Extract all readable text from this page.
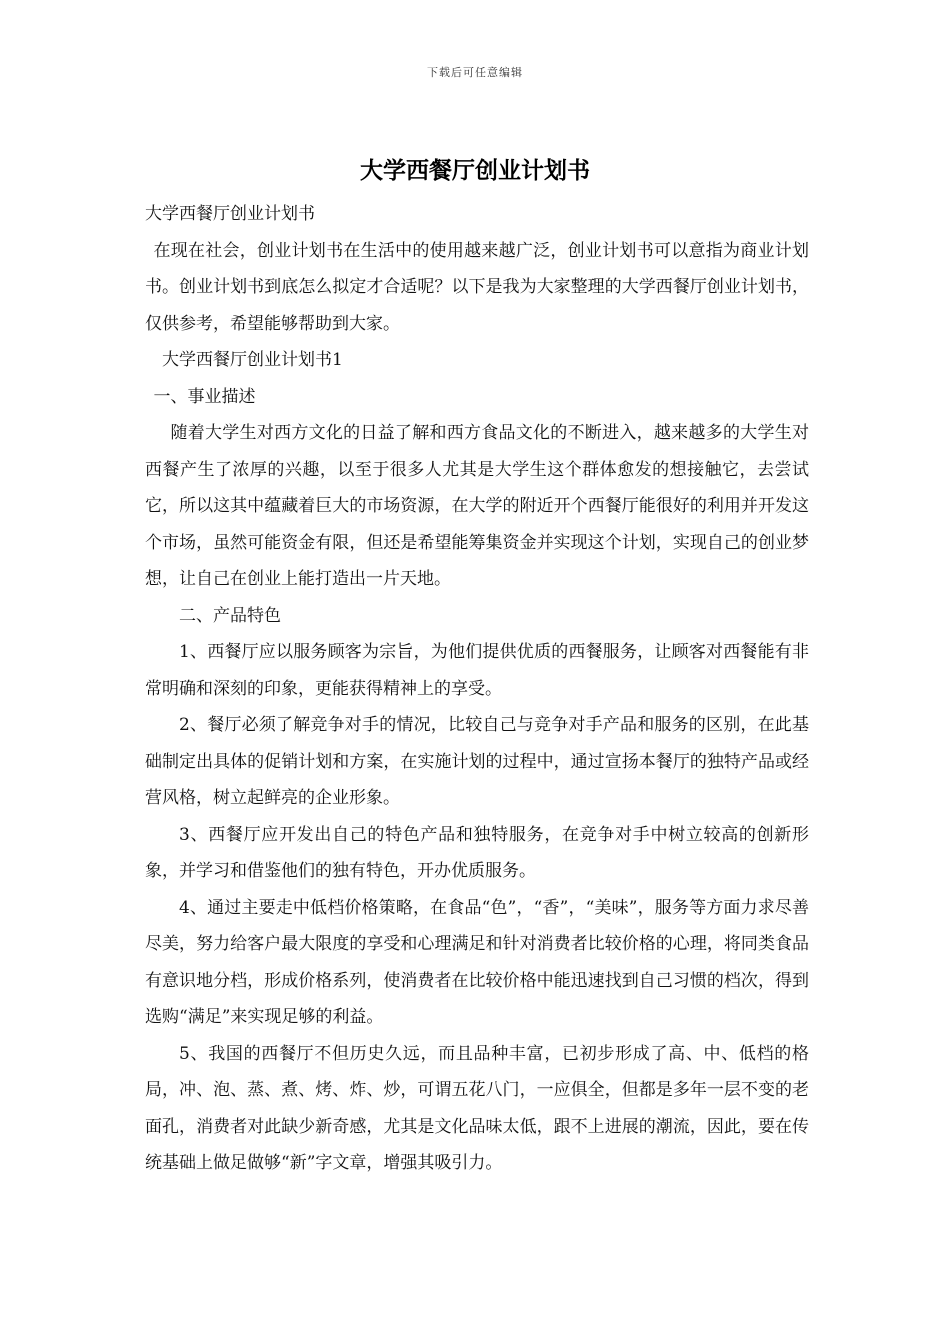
下载后可任意编辑
大学西餐厅创业计划书

大学西餐厅创业计划书

在现在社会，创业计划书在生活中的使用越来越广泛，创业计划书可以意指为商业计划书。创业计划书到底怎么拟定才合适呢？以下是我为大家整理的大学西餐厅创业计划书，仅供参考，希望能够帮助到大家。

大学西餐厅创业计划书1

一、事业描述

随着大学生对西方文化的日益了解和西方食品文化的不断进入，越来越多的大学生对西餐产生了浓厚的兴趣，以至于很多人尤其是大学生这个群体愈发的想接触它，去尝试它，所以这其中蕴藏着巨大的市场资源，在大学的附近开个西餐厅能很好的利用并开发这个市场，虽然可能资金有限，但还是希望能筹集资金并实现这个计划，实现自己的创业梦想，让自己在创业上能打造出一片天地。

二、产品特色

1、西餐厅应以服务顾客为宗旨，为他们提供优质的西餐服务，让顾客对西餐能有非常明确和深刻的印象，更能获得精神上的享受。

2、餐厅必须了解竞争对手的情况，比较自己与竞争对手产品和服务的区别，在此基础制定出具体的促销计划和方案，在实施计划的过程中，通过宣扬本餐厅的独特产品或经营风格，树立起鲜亮的企业形象。

3、西餐厅应开发出自己的特色产品和独特服务，在竞争对手中树立较高的创新形象，并学习和借鉴他们的独有特色，开办优质服务。

4、通过主要走中低档价格策略，在食品“色”，“香”，“美味”，服务等方面力求尽善尽美，努力给客户最大限度的享受和心理满足和针对消费者比较价格的心理，将同类食品有意识地分档，形成价格系列，使消费者在比较价格中能迅速找到自己习惯的档次，得到选购“满足”来实现足够的利益。

5、我国的西餐厅不但历史久远，而且品种丰富，已初步形成了高、中、低档的格局，冲、泡、蒸、煮、烤、炸、炒，可谓五花八门，一应俱全，但都是多年一层不变的老面孔，消费者对此缺少新奇感，尤其是文化品味太低，跟不上进展的潮流，因此，要在传统基础上做足做够“新”字文章，增强其吸引力。
